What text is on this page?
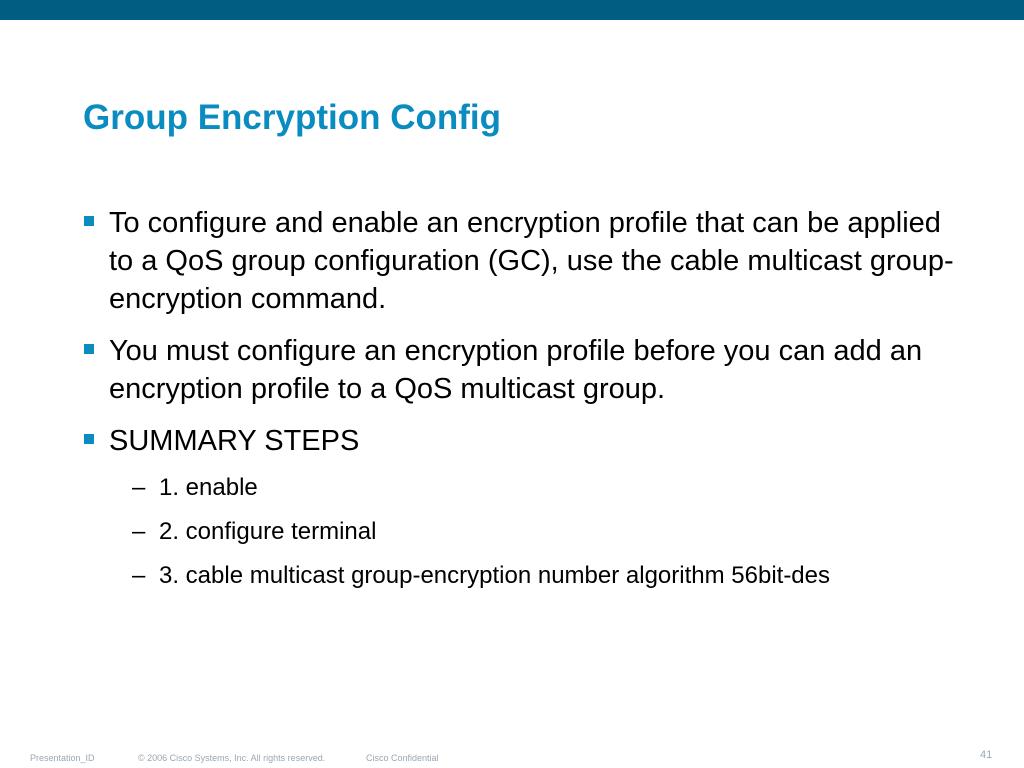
Group Encryption Config
To configure and enable an encryption profile that can be applied to a QoS group configuration (GC), use the cable multicast group-encryption command.
You must configure an encryption profile before you can add an encryption profile to a QoS multicast group.
SUMMARY STEPS
– 1. enable
– 2. configure terminal
– 3. cable multicast group-encryption number algorithm 56bit-des
Presentation_ID	© 2006 Cisco Systems, Inc. All rights reserved.	Cisco Confidential	41
